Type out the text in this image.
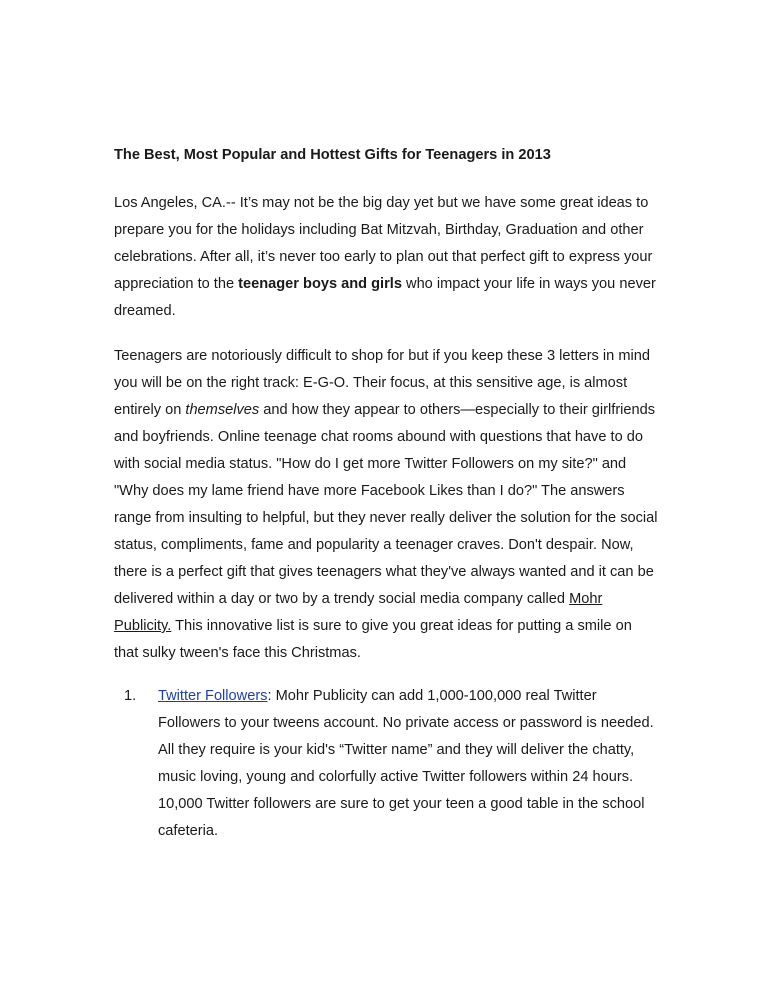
The Best, Most Popular and Hottest Gifts for Teenagers in 2013

Los Angeles, CA.-- It’s may not be the big day yet but we have some great ideas to prepare you for the holidays including Bat Mitzvah, Birthday, Graduation and other celebrations. After all, it’s never too early to plan out that perfect gift to express your appreciation to the teenager boys and girls who impact your life in ways you never dreamed.

Teenagers are notoriously difficult to shop for but if you keep these 3 letters in mind you will be on the right track: E-G-O. Their focus, at this sensitive age, is almost entirely on themselves and how they appear to others—especially to their girlfriends and boyfriends. Online teenage chat rooms abound with questions that have to do with social media status. "How do I get more Twitter Followers on my site?" and "Why does my lame friend have more Facebook Likes than I do?" The answers range from insulting to helpful, but they never really deliver the solution for the social status, compliments, fame and popularity a teenager craves. Don't despair. Now, there is a perfect gift that gives teenagers what they've always wanted and it can be delivered within a day or two by a trendy social media company called Mohr Publicity. This innovative list is sure to give you great ideas for putting a smile on that sulky tween's face this Christmas.

1. Twitter Followers: Mohr Publicity can add 1,000-100,000 real Twitter Followers to your tweens account. No private access or password is needed. All they require is your kid's “Twitter name” and they will deliver the chatty, music loving, young and colorfully active Twitter followers within 24 hours. 10,000 Twitter followers are sure to get your teen a good table in the school cafeteria.
